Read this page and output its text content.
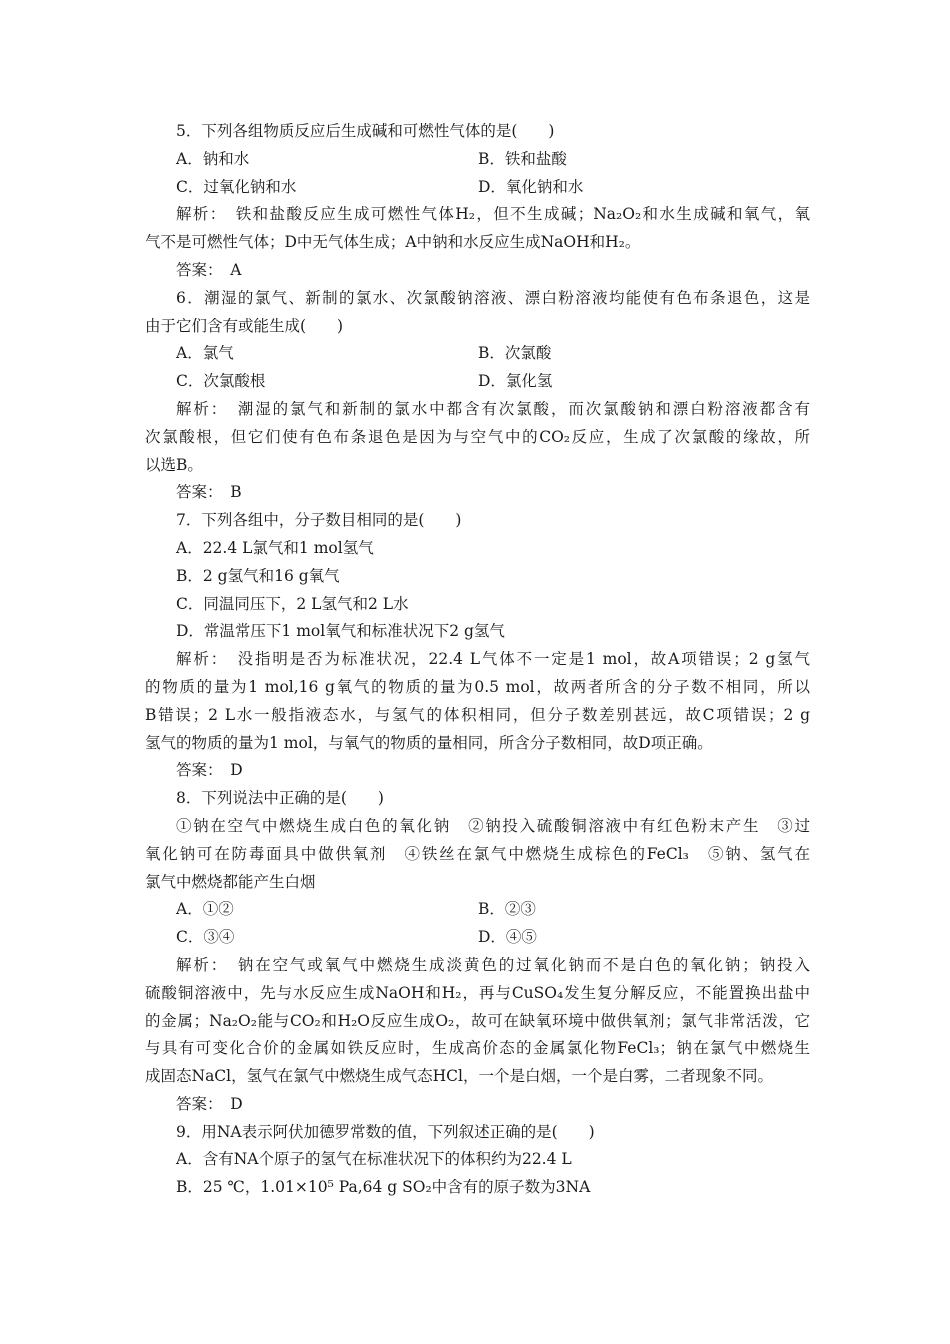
5．下列各组物质反应后生成碱和可燃性气体的是(　　)
A．钠和水	B．铁和盐酸
C．过氧化钠和水	D．氧化钠和水
解析：　铁和盐酸反应生成可燃性气体H₂，但不生成碱；Na₂O₂和水生成碱和氧气，氧
气不是可燃性气体；D中无气体生成；A中钠和水反应生成NaOH和H₂。
答案：　A
6．潮湿的氯气、新制的氯水、次氯酸钠溶液、漂白粉溶液均能使有色布条退色，这是
由于它们含有或能生成(　　)
A．氯气	B．次氯酸
C．次氯酸根	D．氯化氢
解析：　潮湿的氯气和新制的氯水中都含有次氯酸，而次氯酸钠和漂白粉溶液都含有
次氯酸根，但它们使有色布条退色是因为与空气中的CO₂反应，生成了次氯酸的缘故，所
以选B。
答案：　B
7．下列各组中，分子数目相同的是(　　)
A．22.4 L氯气和1 mol氢气
B．2 g氢气和16 g氧气
C．同温同压下，2 L氢气和2 L水
D．常温常压下1 mol氧气和标准状况下2 g氢气
解析：　没指明是否为标准状况，22.4 L气体不一定是1 mol，故A项错误；2 g氢气
的物质的量为1 mol,16 g氧气的物质的量为0.5 mol，故两者所含的分子数不相同，所以
B错误；2 L水一般指液态水，与氢气的体积相同，但分子数差别甚远，故C项错误；2 g
氢气的物质的量为1 mol，与氧气的物质的量相同，所含分子数相同，故D项正确。
答案：　D
8．下列说法中正确的是(　　)
①钠在空气中燃烧生成白色的氧化钠　②钠投入硫酸铜溶液中有红色粉末产生　③过
氧化钠可在防毒面具中做供氧剂　④铁丝在氯气中燃烧生成棕色的FeCl₃　⑤钠、氢气在
氯气中燃烧都能产生白烟
A．①②	B．②③
C．③④	D．④⑤
解析：　钠在空气或氧气中燃烧生成淡黄色的过氧化钠而不是白色的氧化钠；钠投入
硫酸铜溶液中，先与水反应生成NaOH和H₂，再与CuSO₄发生复分解反应，不能置换出盐中
的金属；Na₂O₂能与CO₂和H₂O反应生成O₂，故可在缺氧环境中做供氧剂；氯气非常活泼，它
与具有可变化合价的金属如铁反应时，生成高价态的金属氯化物FeCl₃；钠在氯气中燃烧生
成固态NaCl，氢气在氯气中燃烧生成气态HCl，一个是白烟，一个是白雾，二者现象不同。
答案：　D
9．用NA表示阿伏加德罗常数的值，下列叙述正确的是(　　)
A．含有NA个原子的氢气在标准状况下的体积约为22.4 L
B．25 ℃，1.01×10⁵ Pa,64 g SO₂中含有的原子数为3NA
